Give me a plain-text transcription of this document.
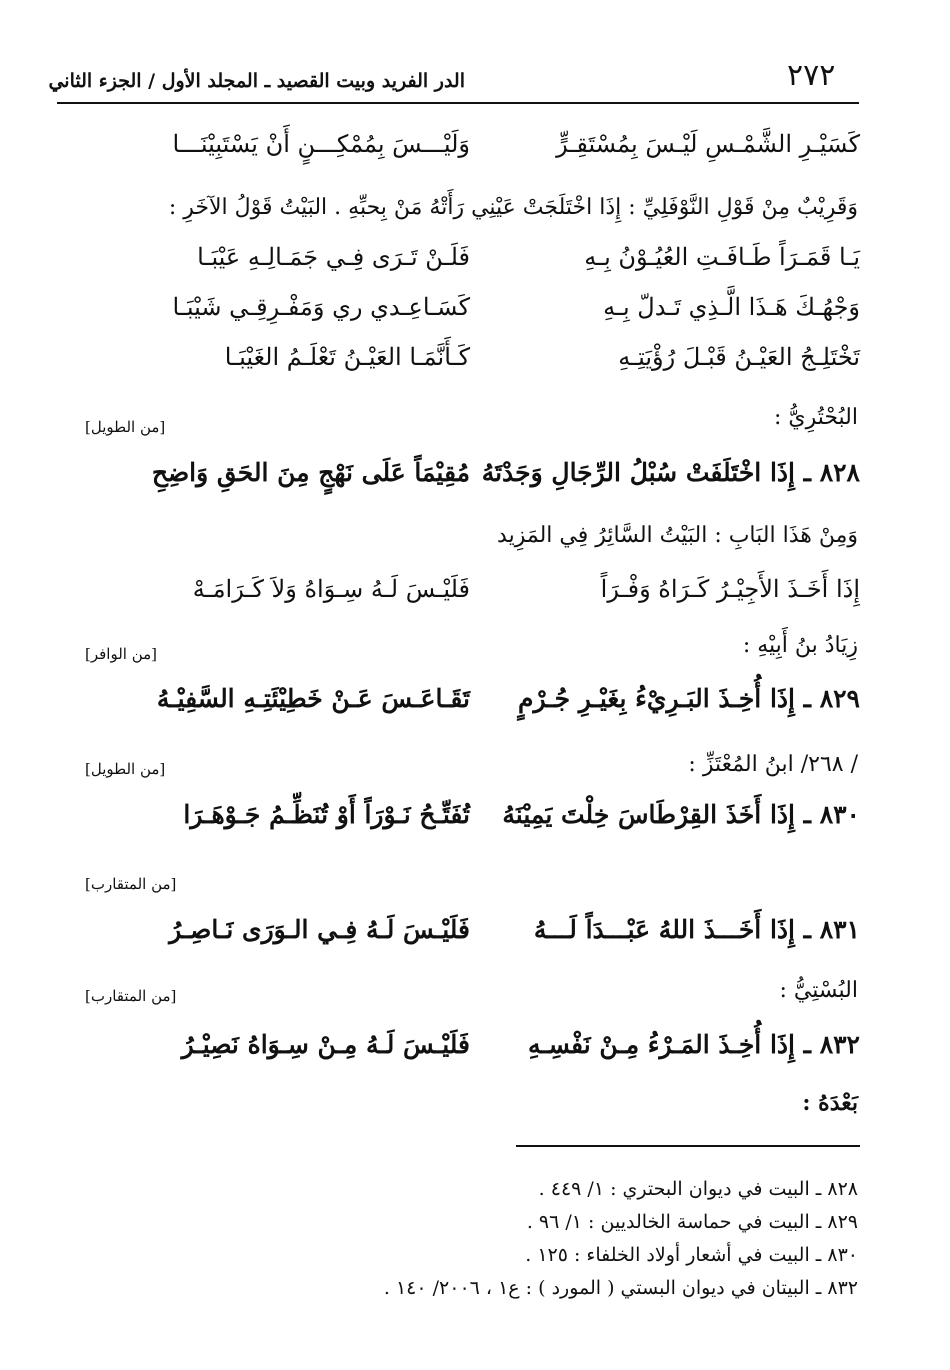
٢٧٢
الدر الفريد وبيت القصيد ـ المجلد الأول / الجزء الثاني
كَسَيْـرِ الشَّمْـسِ لَيْـسَ بِمُسْتَقِـرٍّ
وَلَيْـــسَ بِمُمْكِـــنٍ أَنْ يَسْتَبِيْنَـــا
وَقَرِيْبٌ مِنْ قَوْلِ النَّوْفَلِيِّ : إِذَا اخْتَلَجَتْ عَيْنِي رَأَتْهُ مَنْ بِحبِّهِ . البَيْتُ قَوْلُ الآخَرِ :
يَـا قَمَـرَاً طَـافَـتِ العُيُـوْنُ بِـهِ
فَلَـنْ تَـرَى فِـي جَمَـالِـهِ عَيْبَـا
وَجْهُـكَ هَـذَا الَّـذِي تَـدلّ بِـهِ
كَسَـاعِـدي ري وَمَفْـرِقِـي شَيْبَـا
تَخْتَلِـجُ العَيْـنُ قَبْـلَ رُؤْيَتِـهِ
كَـأَنَّمَـا العَيْـنُ تَعْلَـمُ الغَيْبَـا
البُحْتُرِيُّ :
[من الطويل]
٨٢٨ ـ إِذَا اخْتَلَفَتْ سُبْلُ الرِّجَالِ وَجَدْتَهُ
مُقِيْمَاً عَلَى نَهْجٍ مِنَ الحَقِ وَاضِحِ
وَمِنْ هَذَا البَابِ : البَيْتُ السَّائِرُ فِي المَزِيد
إِذَا أَخَـذَ الأَجِيْـرُ كَـرَاهُ وَفْـرَاً
فَلَيْـسَ لَـهُ سِـوَاهُ وَلاَ كَـرَامَـهْ
زِيَادُ بنُ أَبِيْهِ :
[من الوافر]
٨٢٩ ـ إِذَا أُخِـذَ البَـرِيْءُ بِغَيْـرِ جُـرْمٍ
تَقَـاعَـسَ عَـنْ خَطِيْئَتِـهِ السَّفِيْـهُ
/ ٢٦٨/ ابنُ المُعْتَزِّ :
[من الطويل]
٨٣٠ ـ إِذَا أَخَذَ القِرْطَاسَ خِلْتَ يَمِيْنَهُ
تُفَتِّـحُ نَـوْرَاً أَوْ تُنَظِّـمُ جَـوْهَـرَا
[من المتقارب]
٨٣١ ـ إِذَا أَخَـــذَ اللهُ عَبْـــدَاً لَـــهُ
فَلَيْـسَ لَـهُ فِـي الـوَرَى نَـاصِـرُ
البُسْتِيُّ :
[من المتقارب]
٨٣٢ ـ إِذَا أُخِـذَ المَـرْءُ مِـنْ نَفْسِـهِ
فَلَيْـسَ لَـهُ مِـنْ سِـوَاهُ نَصِيْـرُ
بَعْدَهُ :
٨٢٨ ـ البيت في ديوان البحتري : ١/ ٤٤٩ .
٨٢٩ ـ البيت في حماسة الخالديين : ١/ ٩٦ .
٨٣٠ ـ البيت في أشعار أولاد الخلفاء : ١٢٥ .
٨٣٢ ـ البيتان في ديوان البستي ( المورد ) : ع١ ، ٢٠٠٦/ ١٤٠ .
